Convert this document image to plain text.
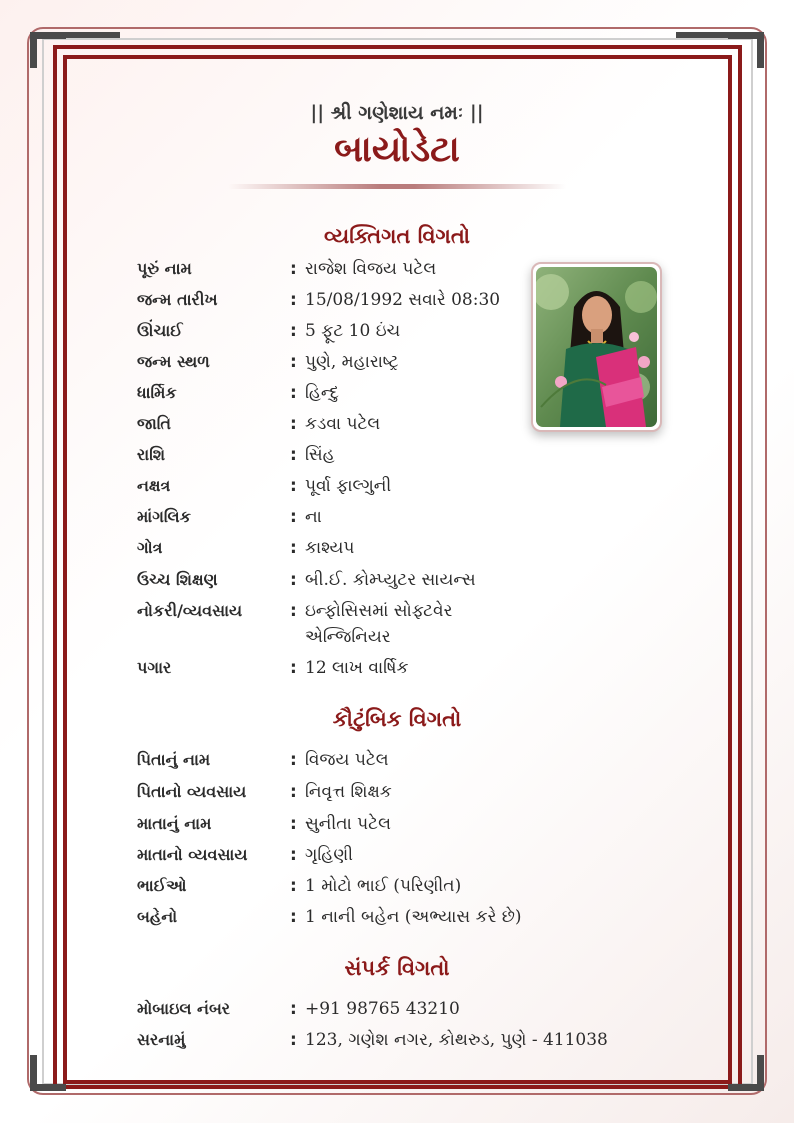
|| શ્રી ગણેશાય નમઃ ||
બાયોડેટા
વ્યક્તિગત વિગતો
પૂરું નામ	: રાજેશ વિજય પટેલ
જન્મ તારીખ	: 15/08/1992 સવારે 08:30
ઊંચાઈ	: 5 ફૂટ 10 ઇંચ
જન્મ સ્થળ	: પુણે, મહારાષ્ટ્ર
ધાર્મિક	: હિન્દુ
જાતિ	: કડવા પટેલ
રાશિ	: સિંહ
નક્ષત્ર	: પૂર્વા ફાલ્ગુની
માંગલિક	: ના
ગોત્ર	: કાશ્યપ
ઉચ્ચ શિક્ષણ	: બી.ઈ. કોમ્પ્યુટર સાયન્સ
નોકરી/વ્યવસાય	: ઇન્ફોસિસમાં સોફ્ટવેર એન્જિનિયર
પગાર	: 12 લાખ વાર્ષિક
કૌટુંબિક વિગતો
પિતાનું નામ	: વિજય પટેલ
પિતાનો વ્યવસાય	: નિવૃત્ત શિક્ષક
માતાનું નામ	: સુનીતા પટેલ
માતાનો વ્યવસાય	: ગૃહિણી
ભાઈઓ	: 1 મોટો ભાઈ (પરિણીત)
બહેનો	: 1 નાની બહેન (અભ્યાસ કરે છે)
સંપર્ક વિગતો
મોબાઇલ નંબર	: +91 98765 43210
સરનામું	: 123, ગણેશ નગર, કોથરુડ, પુણે - 411038
